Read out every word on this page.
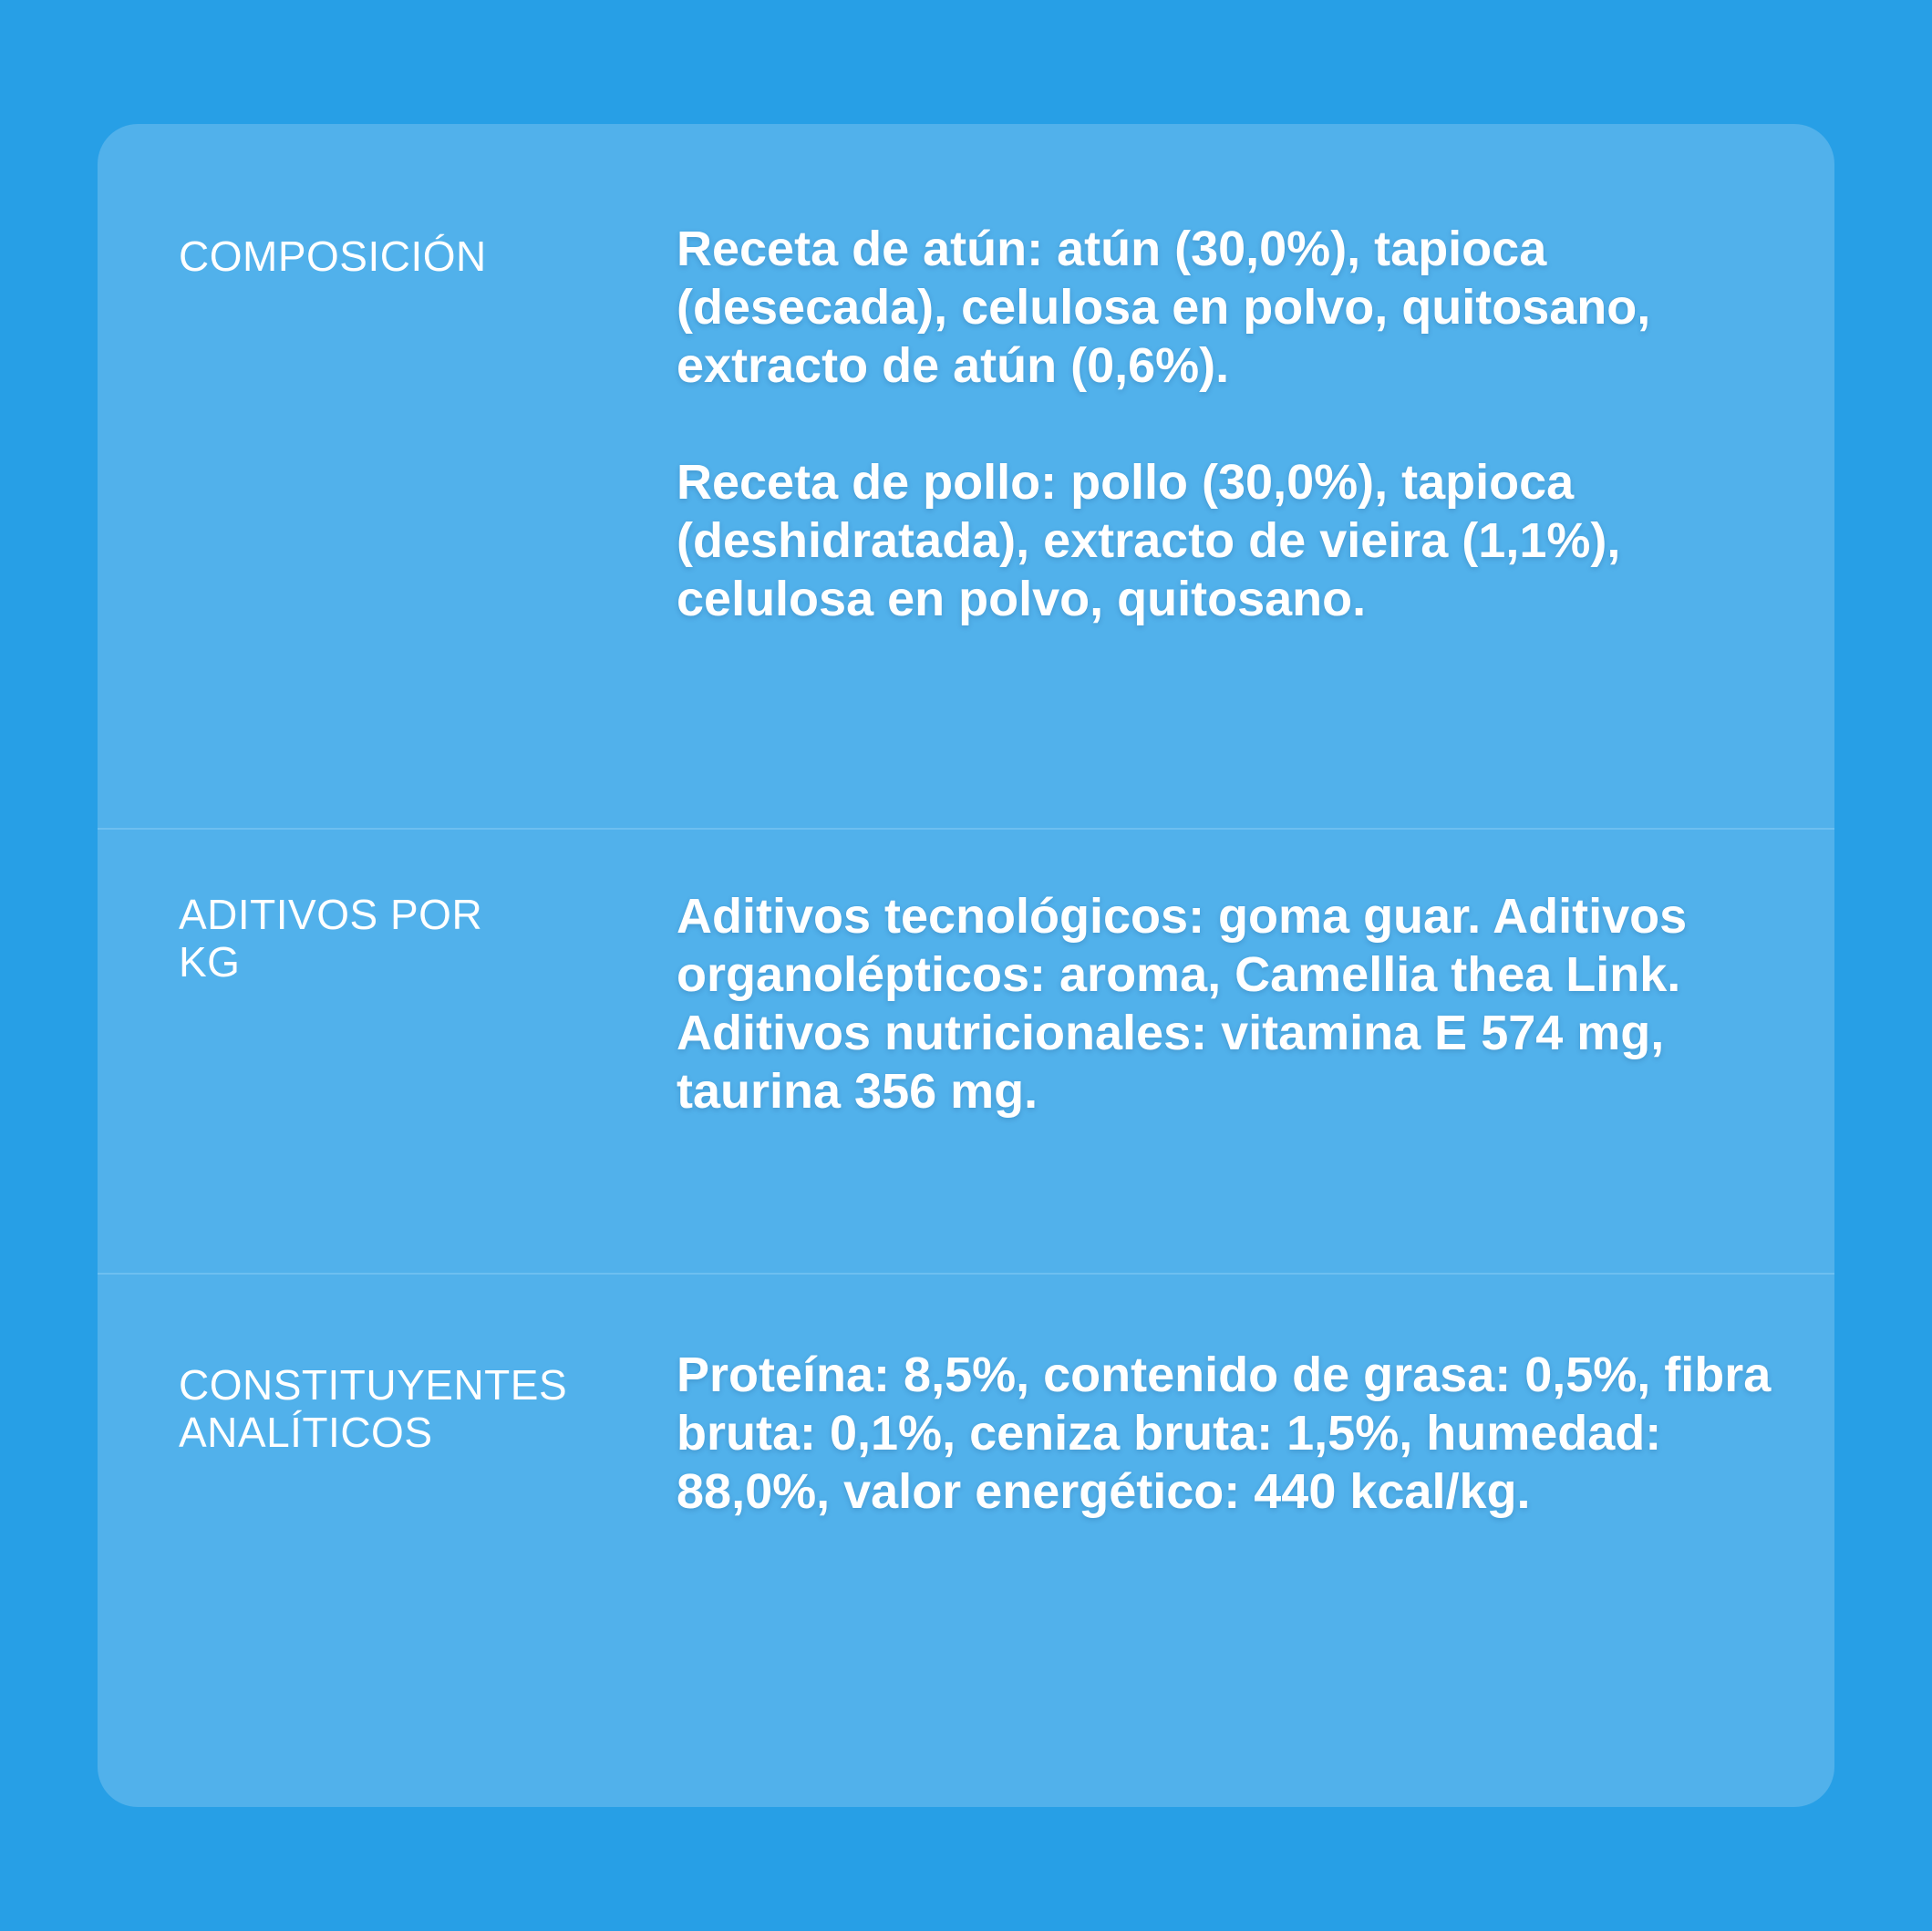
COMPOSICIÓN	Receta de atún: atún (30,0%), tapioca (desecada), celulosa en polvo, quitosano, extracto de atún (0,6%).

Receta de pollo: pollo (30,0%), tapioca (deshidratada), extracto de vieira (1,1%), celulosa en polvo, quitosano.

ADITIVOS POR
KG

Aditivos tecnológicos: goma guar. Aditivos organolépticos: aroma, Camellia thea Link. Aditivos nutricionales: vitamina E 574 mg, taurina 356 mg.

CONSTITUYENTES
ANALÍTICOS

Proteína: 8,5%, contenido de grasa: 0,5%, fibra bruta: 0,1%, ceniza bruta: 1,5%, humedad: 88,0%, valor energético: 440 kcal/kg.
